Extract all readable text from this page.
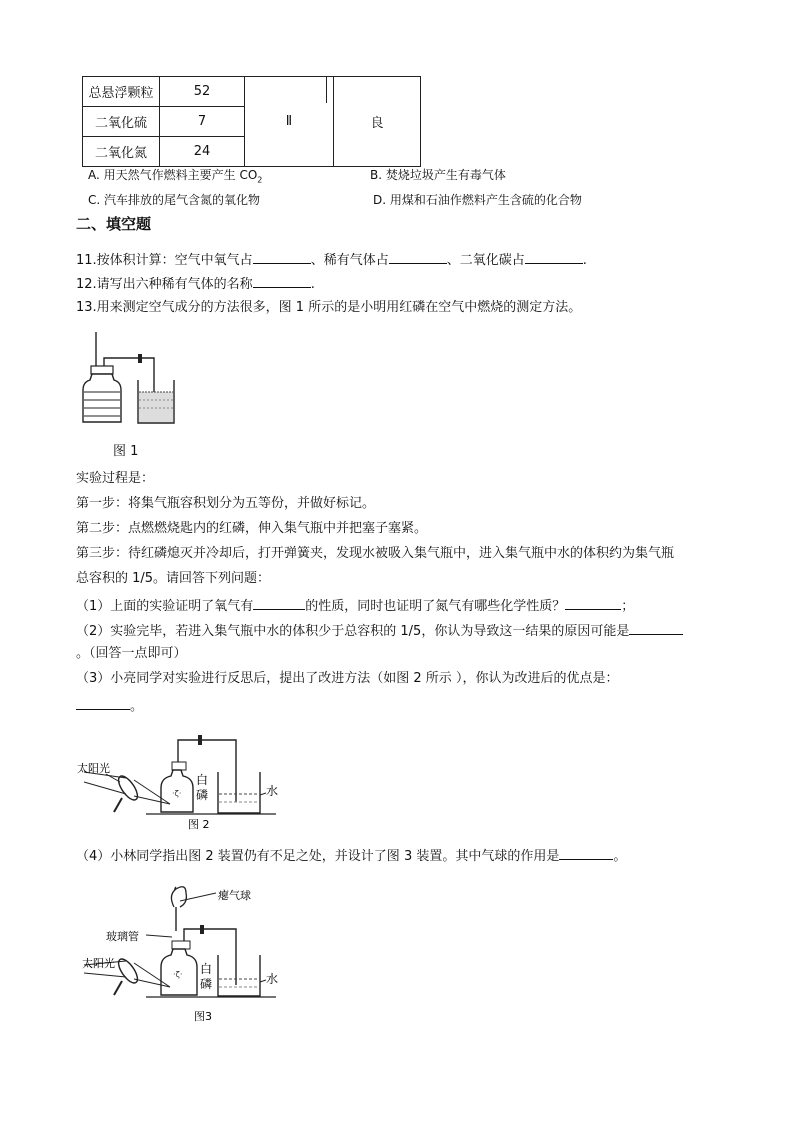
总悬浮颗粒	52	Ⅱ	良
二氧化硫	7		
二氧化氮	24		
A. 用天然气作燃料主要产生 $CO_2$	B. 焚烧垃圾产生有毒气体
C. 汽车排放的尾气含氮的氧化物	D. 用煤和石油作燃料产生含硫的化合物
二、填空题
11.按体积计算：空气中氧气占	、稀有气体占	、二氧化碳占	.
12.请写出六种稀有气体的名称	.
13.用来测定空气成分的方法很多，图 1 所示的是小明用红磷在空气中燃烧的测定方法。
图 1
实验过程是：
第一步：将集气瓶容积划分为五等份，并做好标记。
第二步：点燃燃烧匙内的红磷，伸入集气瓶中并把塞子塞紧。
第三步：待红磷熄灭并冷却后，打开弹簧夹，发现水被吸入集气瓶中，进入集气瓶中水的体积约为集气瓶
总容积的 1/5。请回答下列问题：
（1）上面的实验证明了氧气有	的性质，同时也证明了氮气有哪些化学性质？	；
（2）实验完毕，若进入集气瓶中水的体积少于总容积的 1/5，你认为导致这一结果的原因可能是
。（回答一点即可）
（3）小亮同学对实验进行反思后，提出了改进方法（如图 2 所示 ），你认为改进后的优点是：
。
·ζ·
太阳光
白
磷	水
图 2
（4）小林同学指出图 2 装置仍有不足之处，并设计了图 3 装置。其中气球的作用是	。
·ζ·
瘪气球
玻璃管
太阳光	白
磷	水
图3
